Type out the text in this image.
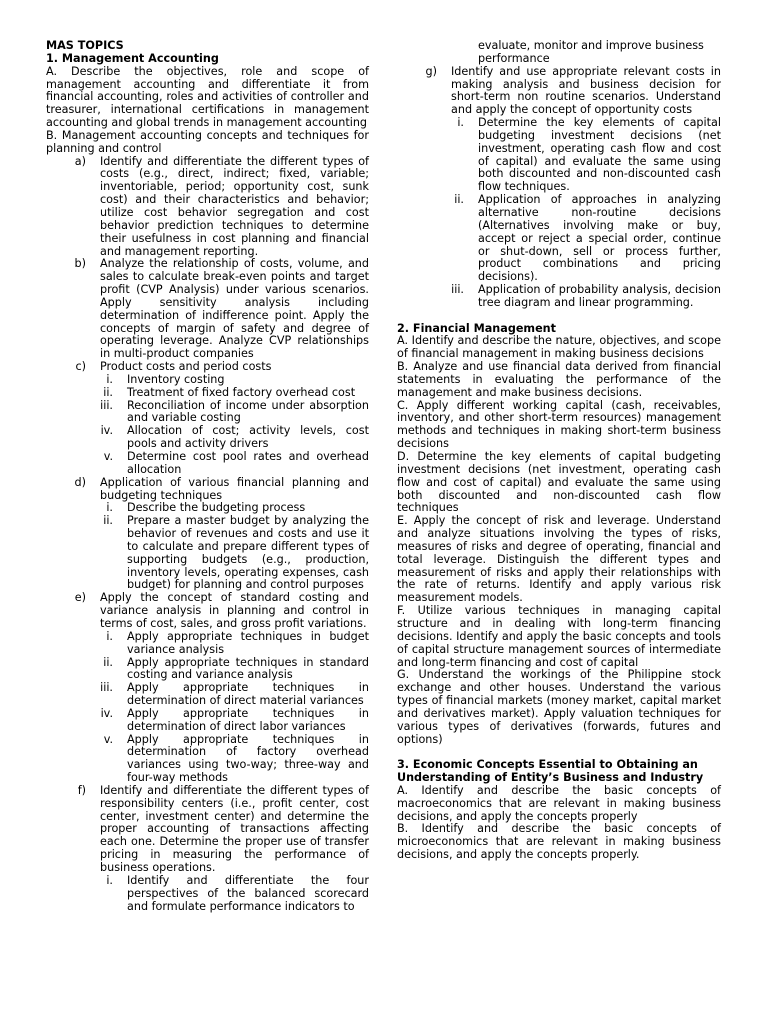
MAS TOPICS

1. Management Accounting

A. Describe the objectives, role and scope of management accounting and differentiate it from financial accounting, roles and activities of controller and treasurer, international certifications in management accounting and global trends in management accounting

B. Management accounting concepts and techniques for planning and control

a) Identify and differentiate the different types of costs (e.g., direct, indirect; fixed, variable; inventoriable, period; opportunity cost, sunk cost) and their characteristics and behavior; utilize cost behavior segregation and cost behavior prediction techniques to determine their usefulness in cost planning and financial and management reporting.
b) Analyze the relationship of costs, volume, and sales to calculate break-even points and target profit (CVP Analysis) under various scenarios. Apply sensitivity analysis including determination of indifference point. Apply the concepts of margin of safety and degree of operating leverage. Analyze CVP relationships in multi-product companies
c) Product costs and period costs
i. Inventory costing
ii. Treatment of fixed factory overhead cost
iii. Reconciliation of income under absorption and variable costing
iv. Allocation of cost; activity levels, cost pools and activity drivers
v. Determine cost pool rates and overhead allocation
d) Application of various financial planning and budgeting techniques
i. Describe the budgeting process
ii. Prepare a master budget by analyzing the behavior of revenues and costs and use it to calculate and prepare different types of supporting budgets (e.g., production, inventory levels, operating expenses, cash budget) for planning and control purposes
e) Apply the concept of standard costing and variance analysis in planning and control in terms of cost, sales, and gross profit variations.
i. Apply appropriate techniques in budget variance analysis
ii. Apply appropriate techniques in standard costing and variance analysis
iii. Apply appropriate techniques in determination of direct material variances
iv. Apply appropriate techniques in determination of direct labor variances
v. Apply appropriate techniques in determination of factory overhead variances using two-way; three-way and four-way methods
f) Identify and differentiate the different types of responsibility centers (i.e., profit center, cost center, investment center) and determine the proper accounting of transactions affecting each one. Determine the proper use of transfer pricing in measuring the performance of business operations.
i. Identify and differentiate the four perspectives of the balanced scorecard and formulate performance indicators to

evaluate, monitor and improve business performance

g) Identify and use appropriate relevant costs in making analysis and business decision for short-term non routine scenarios. Understand and apply the concept of opportunity costs
i. Determine the key elements of capital budgeting investment decisions (net investment, operating cash flow and cost of capital) and evaluate the same using both discounted and non-discounted cash flow techniques.
ii. Application of approaches in analyzing alternative non-routine decisions (Alternatives involving make or buy, accept or reject a special order, continue or shut-down, sell or process further, product combinations and pricing decisions).
iii. Application of probability analysis, decision tree diagram and linear programming.

2. Financial Management

A. Identify and describe the nature, objectives, and scope of financial management in making business decisions

B. Analyze and use financial data derived from financial statements in evaluating the performance of the management and make business decisions.

C. Apply different working capital (cash, receivables, inventory, and other short-term resources) management methods and techniques in making short-term business decisions

D. Determine the key elements of capital budgeting investment decisions (net investment, operating cash flow and cost of capital) and evaluate the same using both discounted and non-discounted cash flow techniques

E. Apply the concept of risk and leverage. Understand and analyze situations involving the types of risks, measures of risks and degree of operating, financial and total leverage. Distinguish the different types and measurement of risks and apply their relationships with the rate of returns. Identify and apply various risk measurement models.

F. Utilize various techniques in managing capital structure and in dealing with long-term financing decisions. Identify and apply the basic concepts and tools of capital structure management sources of intermediate and long-term financing and cost of capital

G. Understand the workings of the Philippine stock exchange and other houses. Understand the various types of financial markets (money market, capital market and derivatives market). Apply valuation techniques for various types of derivatives (forwards, futures and options)

3. Economic Concepts Essential to Obtaining an Understanding of Entity’s Business and Industry

A. Identify and describe the basic concepts of macroeconomics that are relevant in making business decisions, and apply the concepts properly

B. Identify and describe the basic concepts of microeconomics that are relevant in making business decisions, and apply the concepts properly.
